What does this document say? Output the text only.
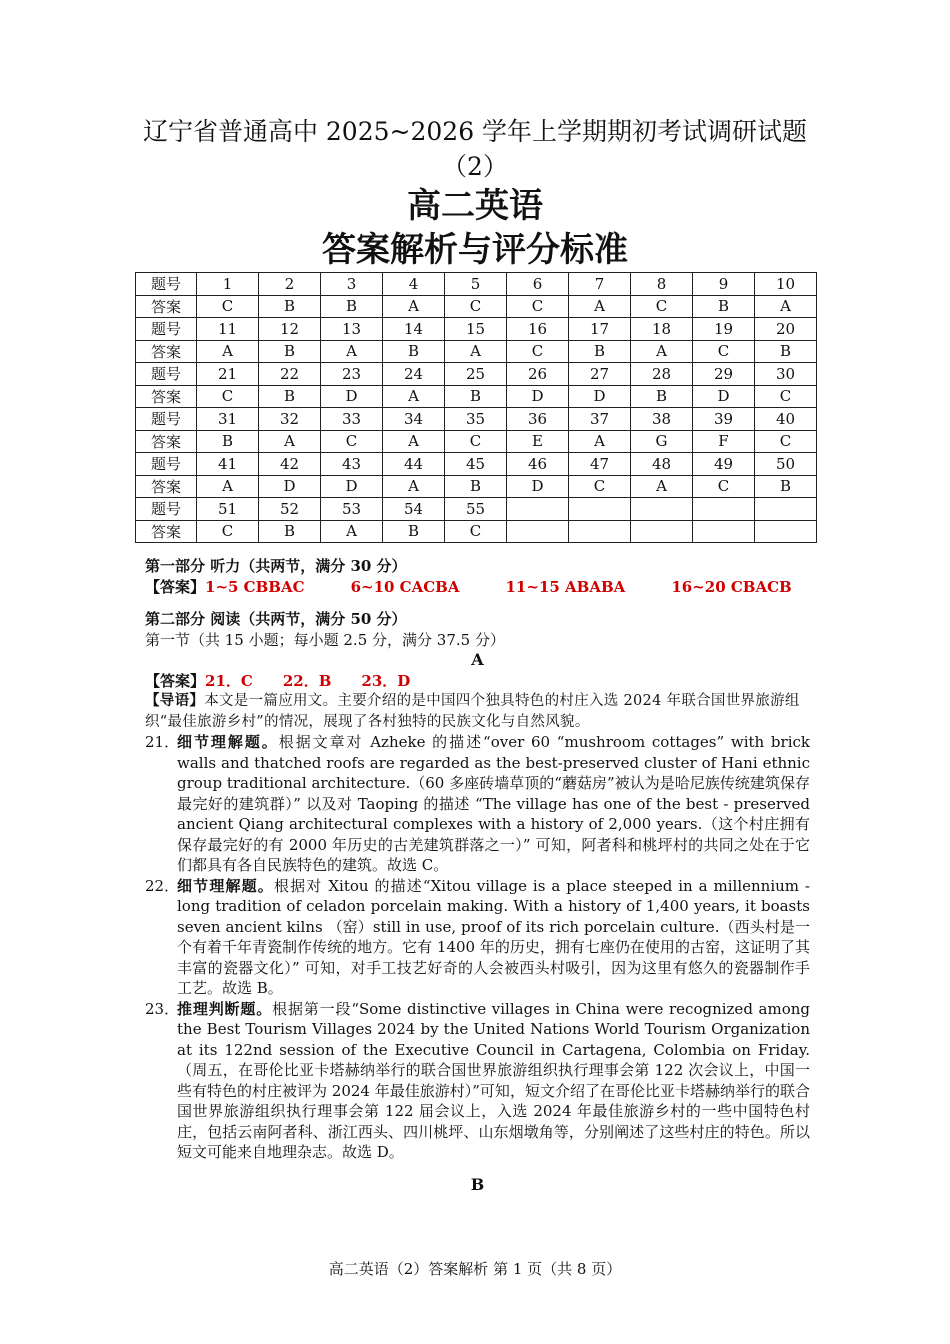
辽宁省普通高中 2025~2026 学年上学期期初考试调研试题
（2）
高二英语
答案解析与评分标准
题号	1	2	3	4	5	6	7	8	9	10
答案	C	B	B	A	C	C	A	C	B	A
题号	11	12	13	14	15	16	17	18	19	20
答案	A	B	A	B	A	C	B	A	C	B
题号	21	22	23	24	25	26	27	28	29	30
答案	C	B	D	A	B	D	D	B	D	C
题号	31	32	33	34	35	36	37	38	39	40
答案	B	A	C	A	C	E	A	G	F	C
题号	41	42	43	44	45	46	47	48	49	50
答案	A	D	D	A	B	D	C	A	C	B
题号	51	52	53	54	55					
答案	C	B	A	B	C					
第一部分 听力（共两节，满分 30 分）
【答案】1~5 CBBAC	6~10 CACBA	11~15 ABABA	16~20 CBACB
第二部分 阅读（共两节，满分 50 分）
第一节（共 15 小题；每小题 2.5 分，满分 37.5 分）
A
【答案】21．C　　22．B　　23．D
【导语】本文是一篇应用文。主要介绍的是中国四个独具特色的村庄入选 2024 年联合国世界旅游组织“最佳旅游乡村”的情况，展现了各村独特的民族文化与自然风貌。
21．
细节理解题。根据文章对 Azheke 的描述“over 60 “mushroom cottages” with brick walls and thatched roofs are regarded as the best-preserved cluster of Hani ethnic group traditional architecture.（60 多座砖墙草顶的“蘑菇房”被认为是哈尼族传统建筑保存最完好的建筑群）” 以及对 Taoping 的描述 “The village has one of the best - preserved ancient Qiang architectural complexes with a history of 2,000 years.（这个村庄拥有保存最完好的有 2000 年历史的古羌建筑群落之一）” 可知，阿者科和桃坪村的共同之处在于它们都具有各自民族特色的建筑。故选 C。
22．
细节理解题。根据对 Xitou 的描述“Xitou village is a place steeped in a millennium - long tradition of celadon porcelain making. With a history of 1,400 years, it boasts seven ancient kilns （窑）still in use, proof of its rich porcelain culture.（西头村是一个有着千年青瓷制作传统的地方。它有 1400 年的历史，拥有七座仍在使用的古窑，这证明了其丰富的瓷器文化）” 可知，对手工技艺好奇的人会被西头村吸引，因为这里有悠久的瓷器制作手工艺。故选 B。
23．
推理判断题。根据第一段“Some distinctive villages in China were recognized among the Best Tourism Villages 2024 by the United Nations World Tourism Organization at its 122nd session of the Executive Council in Cartagena, Colombia on Friday.（周五，在哥伦比亚卡塔赫纳举行的联合国世界旅游组织执行理事会第 122 次会议上，中国一些有特色的村庄被评为 2024 年最佳旅游村）”可知，短文介绍了在哥伦比亚卡塔赫纳举行的联合国世界旅游组织执行理事会第 122 届会议上，入选 2024 年最佳旅游乡村的一些中国特色村庄，包括云南阿者科、浙江西头、四川桃坪、山东烟墩角等，分别阐述了这些村庄的特色。所以短文可能来自地理杂志。故选 D。
B
高二英语（2）答案解析 第 1 页（共 8 页）
